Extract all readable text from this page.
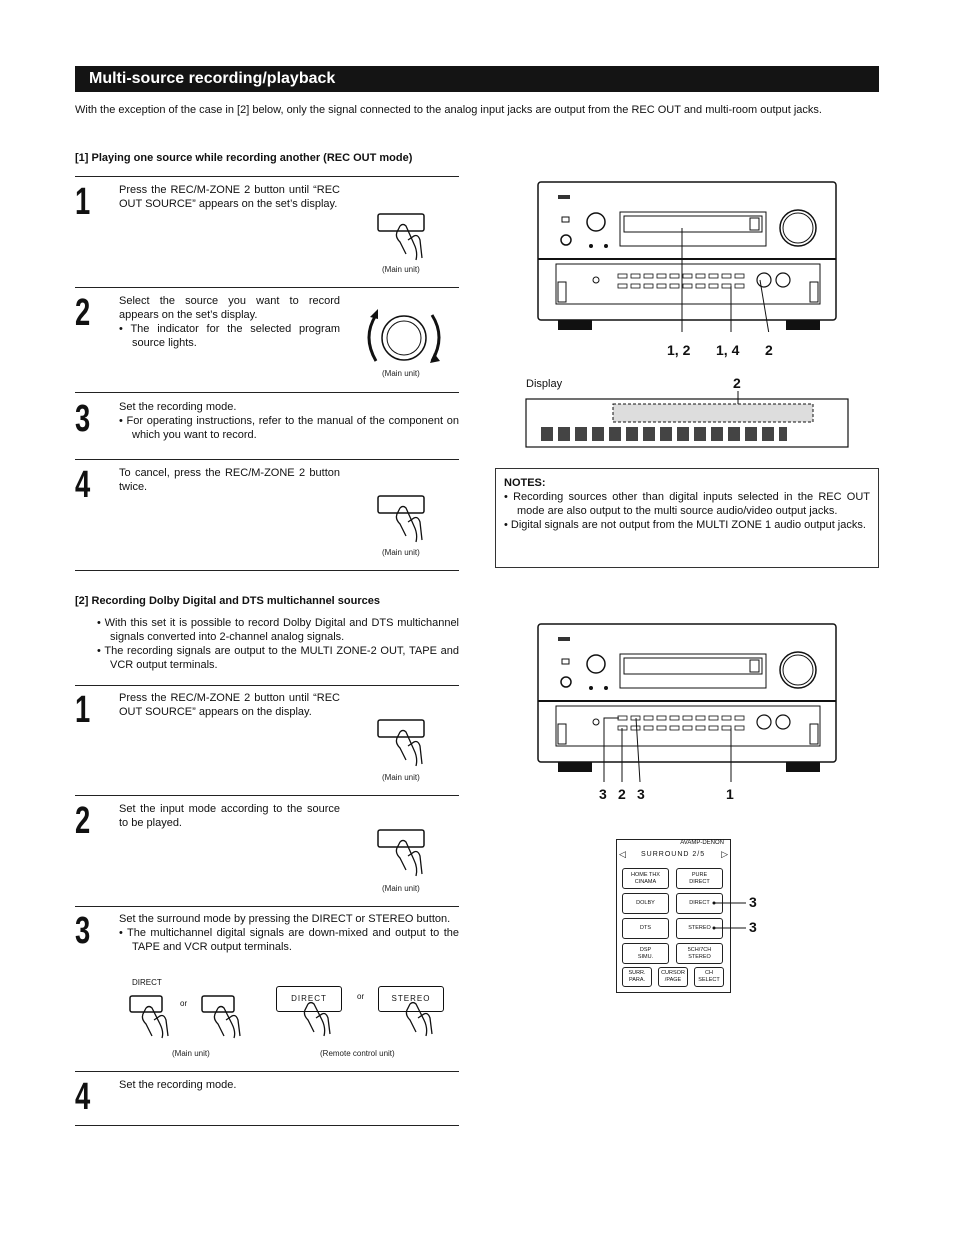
Multi-source recording/playback
With the exception of the case in [2] below, only the signal connected to the analog input jacks are output from the REC OUT and multi-room output jacks.
[1] Playing one source while recording another (REC OUT mode)
1	Press the REC/M-ZONE 2 button until “REC OUT SOURCE” appears on the set’s display.
(Main unit)
2	Select the source you want to record appears on the set’s display.
• The indicator for the selected program source lights.
(Main unit)
3	Set the recording mode.
• For operating instructions, refer to the manual of the component on which you want to record.
4	To cancel, press the REC/M-ZONE 2 button twice.
(Main unit)
1, 2 1, 4 2
2
Display
NOTES:
• Recording sources other than digital inputs selected in the REC OUT mode are also output to the multi source audio/video output jacks.
• Digital signals are not output from the MULTI ZONE 1 audio output jacks.
[2] Recording Dolby Digital and DTS multichannel sources
• With this set it is possible to record Dolby Digital and DTS multichannel signals converted into 2-channel analog signals.
• The recording signals are output to the MULTI ZONE-2 OUT, TAPE and VCR output terminals.
1	Press the REC/M-ZONE 2 button until “REC OUT SOURCE” appears on the display.
(Main unit)
2	Set the input mode according to the source to be played.
(Main unit)
3	Set the surround mode by pressing the DIRECT or STEREO button.
• The multichannel digital signals are down-mixed and output to the TAPE and VCR output terminals.
DIRECT
or
DIRECT	or	STEREO
(Main unit)	(Remote control unit)
4	Set the recording mode.
3 2 3	1
AVAMP-DENON
◁ SURROUND 2/5 ▷
HOME THX
CINAMA
PURE
DIRECT
DOLBY	DIRECT
DTS	STEREO
DSP
SIMU.
5CH/7CH
STEREO
SURR.
PARA.
CURSOR
/PAGE
CH
SELECT
3
3
